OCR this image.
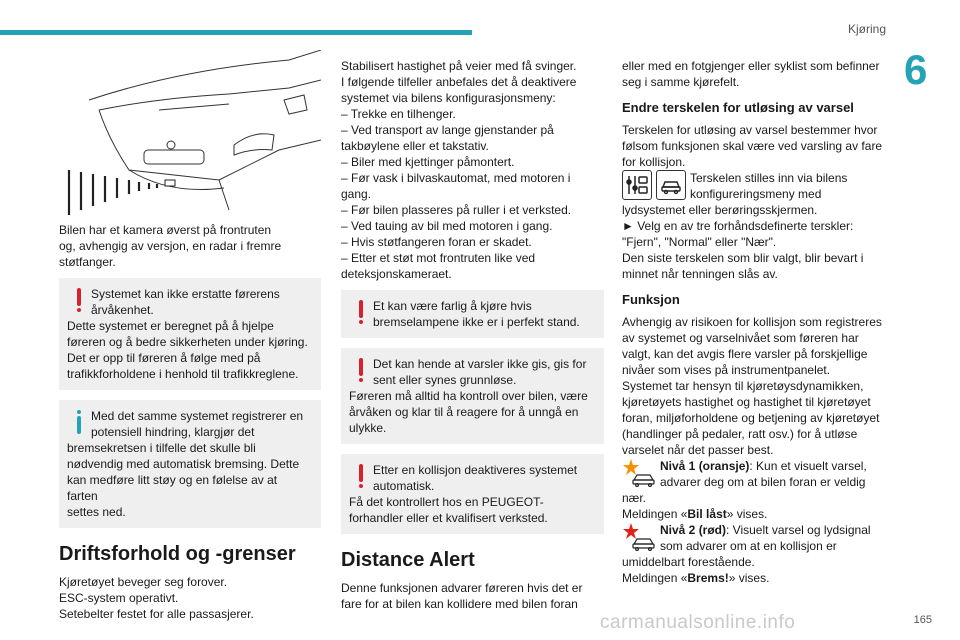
Kjøring
6
165
carmanualsonline.info

Bilen har et kamera øverst på frontruten
og, avhengig av versjon, en radar i fremre
støtfanger.

Systemet kan ikke erstatte førerens
årvåkenhet.
Dette systemet er beregnet på å hjelpe
føreren og å bedre sikkerheten under kjøring.
Det er opp til føreren å følge med på
trafikkforholdene i henhold til trafikkreglene.
Med det samme systemet registrerer en
potensiell hindring, klargjør det
bremsekretsen i tilfelle det skulle bli
nødvendig med automatisk bremsing. Dette
kan medføre litt støy og en følelse av at farten
settes ned.
Driftsforhold og -grenser

Kjøretøyet beveger seg forover.
ESC-system operativt.
Setebelter festet for alle passasjerer.

Stabilisert hastighet på veier med få svinger.
I følgende tilfeller anbefales det å deaktivere
systemet via bilens konfigurasjonsmeny:
– Trekke en tilhenger.
– Ved transport av lange gjenstander på
takbøylene eller et takstativ.
– Biler med kjettinger påmontert.
– Før vask i bilvaskautomat, med motoren i
gang.
– Før bilen plasseres på ruller i et verksted.
– Ved tauing av bil med motoren i gang.
– Hvis støtfangeren foran er skadet.
– Etter et støt mot frontruten like ved
deteksjonskameraet.

Et kan være farlig å kjøre hvis
bremselampene ikke er i perfekt stand.
Det kan hende at varsler ikke gis, gis for
sent eller synes grunnløse.
Føreren må alltid ha kontroll over bilen, være
årvåken og klar til å reagere for å unngå en
ulykke.
Etter en kollisjon deaktiveres systemet
automatisk.
Få det kontrollert hos en PEUGEOT-
forhandler eller et kvalifisert verksted.
Distance Alert

Denne funksjonen advarer føreren hvis det er
fare for at bilen kan kollidere med bilen foran

eller med en fotgjenger eller syklist som befinner
seg i samme kjørefelt.

Endre terskelen for utløsing av varsel

Terskelen for utløsing av varsel bestemmer hvor
følsom funksjonen skal være ved varsling av fare
for kollisjon.

Terskelen stilles inn via bilens
konfigureringsmeny med

lydsystemet eller berøringsskjermen.
► Velg en av tre forhåndsdefinerte terskler:
"Fjern", "Normal" eller "Nær".
Den siste terskelen som blir valgt, blir bevart i
minnet når tenningen slås av.

Funksjon

Avhengig av risikoen for kollisjon som registreres
av systemet og varselnivået som føreren har
valgt, kan det avgis flere varsler på forskjellige
nivåer som vises på instrumentpanelet.
Systemet tar hensyn til kjøretøysdynamikken,
kjøretøyets hastighet og hastighet til kjøretøyet
foran, miljøforholdene og betjening av kjøretøyet
(handlinger på pedaler, ratt osv.) for å utløse
varselet når det passer best.

Nivå 1 (oransje): Kun et visuelt varsel,
advarer deg om at bilen foran er veldig

nær.
Meldingen «Bil låst» vises.

Nivå 2 (rød): Visuelt varsel og lydsignal
som advarer om at en kollisjon er

umiddelbart forestående.
Meldingen «Brems!» vises.
